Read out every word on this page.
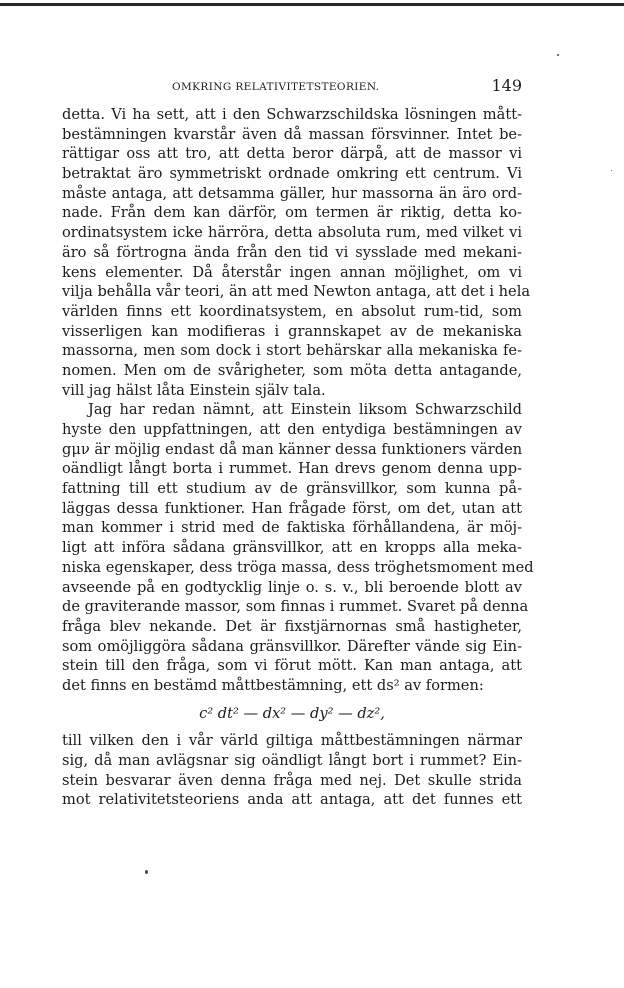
OMKRING RELATIVITETSTEORIEN.	149
detta. Vi ha sett, att i den Schwarzschildska lösningen mått-
bestämningen kvarstår även då massan försvinner. Intet be-
rättigar oss att tro, att detta beror därpå, att de massor vi
betraktat äro symmetriskt ordnade omkring ett centrum. Vi
måste antaga, att detsamma gäller, hur massorna än äro ord-
nade. Från dem kan därför, om termen är riktig, detta ko-
ordinatsystem icke härröra, detta absoluta rum, med vilket vi
äro så förtrogna ända från den tid vi sysslade med mekani-
kens elementer. Då återstår ingen annan möjlighet, om vi
vilja behålla vår teori, än att med Newton antaga, att det i hela
världen finns ett koordinatsystem, en absolut rum-tid, som
visserligen kan modifieras i grannskapet av de mekaniska
massorna, men som dock i stort behärskar alla mekaniska fe-
nomen. Men om de svårigheter, som möta detta antagande,
vill jag hälst låta Einstein själv tala.
Jag har redan nämnt, att Einstein liksom Schwarzschild
hyste den uppfattningen, att den entydiga bestämningen av
gμν är möjlig endast då man känner dessa funktioners värden
oändligt långt borta i rummet. Han drevs genom denna upp-
fattning till ett studium av de gränsvillkor, som kunna på-
läggas dessa funktioner. Han frågade först, om det, utan att
man kommer i strid med de faktiska förhållandena, är möj-
ligt att införa sådana gränsvillkor, att en kropps alla meka-
niska egenskaper, dess tröga massa, dess tröghetsmoment med
avseende på en godtycklig linje o. s. v., bli beroende blott av
de graviterande massor, som finnas i rummet. Svaret på denna
fråga blev nekande. Det är fixstjärnornas små hastigheter,
som omöjliggöra sådana gränsvillkor. Därefter vände sig Ein-
stein till den fråga, som vi förut mött. Kan man antaga, att
det finns en bestämd måttbestämning, ett ds² av formen:
c² dt² — dx² — dy² — dz²,
till vilken den i vår värld giltiga måttbestämningen närmar
sig, då man avlägsnar sig oändligt långt bort i rummet? Ein-
stein besvarar även denna fråga med nej. Det skulle strida
mot relativitetsteoriens anda att antaga, att det funnes ett
